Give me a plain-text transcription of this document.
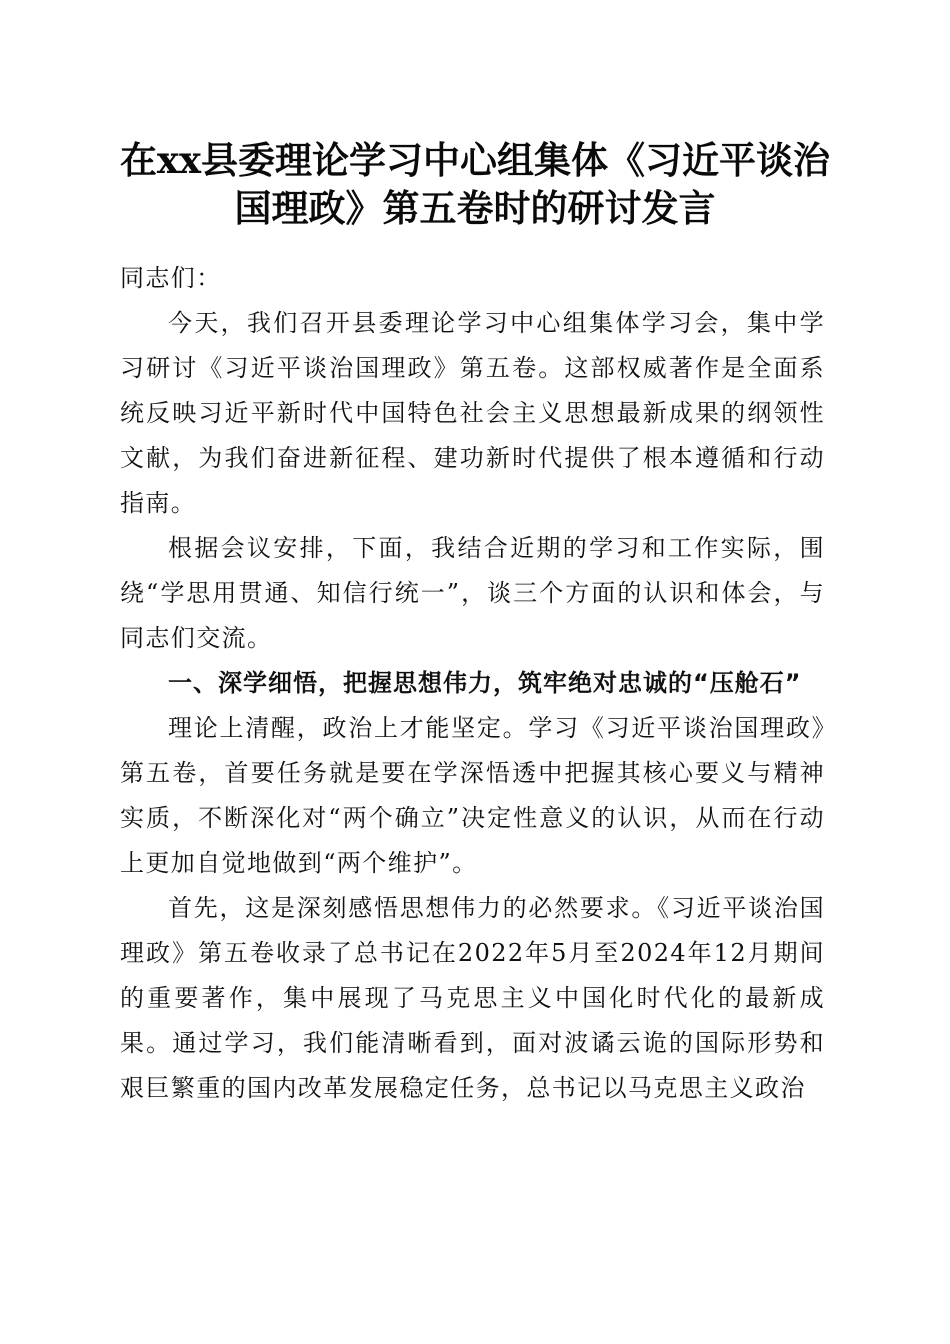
在xx县委理论学习中心组集体《习近平谈治国理政》第五卷时的研讨发言

同志们：

今天，我们召开县委理论学习中心组集体学习会，集中学习研讨《习近平谈治国理政》第五卷。这部权威著作是全面系统反映习近平新时代中国特色社会主义思想最新成果的纲领性文献，为我们奋进新征程、建功新时代提供了根本遵循和行动指南。

根据会议安排，下面，我结合近期的学习和工作实际，围绕“学思用贯通、知信行统一”，谈三个方面的认识和体会，与同志们交流。

一、深学细悟，把握思想伟力，筑牢绝对忠诚的“压舱石”

理论上清醒，政治上才能坚定。学习《习近平谈治国理政》第五卷，首要任务就是要在学深悟透中把握其核心要义与精神实质，不断深化对“两个确立”决定性意义的认识，从而在行动上更加自觉地做到“两个维护”。

首先，这是深刻感悟思想伟力的必然要求。《习近平谈治国理政》第五卷收录了总书记在2022年5月至2024年12月期间的重要著作，集中展现了马克思主义中国化时代化的最新成果。通过学习，我们能清晰看到，面对波谲云诡的国际形势和艰巨繁重的国内改革发展稳定任务，总书记以马克思主义政治
